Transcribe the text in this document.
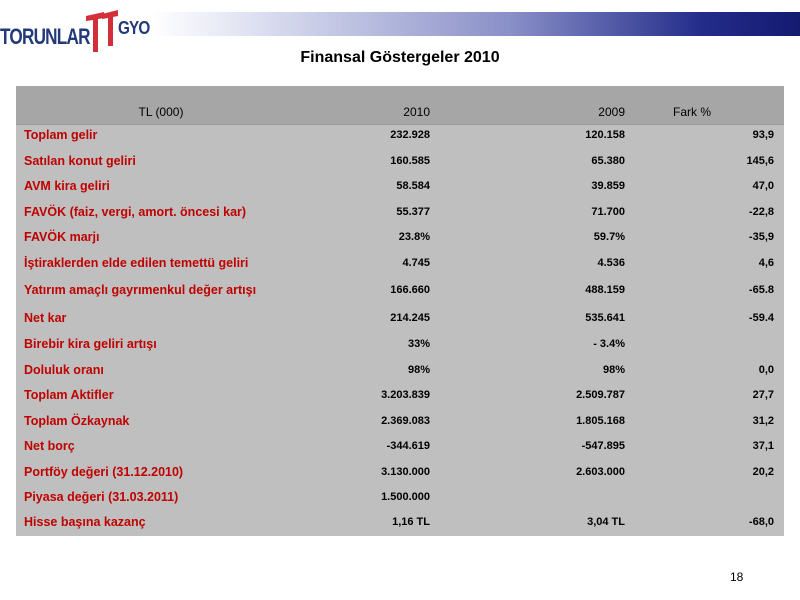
TORUNLAR GYO
Finansal Göstergeler 2010
TL (000)	2010	2009	Fark %
Toplam gelir	232.928	120.158	93,9
Satılan konut geliri	160.585	65.380	145,6
AVM kira geliri	58.584	39.859	47,0
FAVÖK (faiz, vergi, amort. öncesi kar)	55.377	71.700	-22,8
FAVÖK marjı	23.8%	59.7%	-35,9
İştiraklerden elde edilen temettü geliri	4.745	4.536	4,6
Yatırım amaçlı gayrımenkul değer artışı	166.660	488.159	-65.8
Net kar	214.245	535.641	-59.4
Birebir kira geliri artışı	33%	- 3.4%
Doluluk oranı	98%	98%	0,0
Toplam Aktifler	3.203.839	2.509.787	27,7
Toplam Özkaynak	2.369.083	1.805.168	31,2
Net borç	-344.619	-547.895	37,1
Portföy değeri (31.12.2010)	3.130.000	2.603.000	20,2
Piyasa değeri (31.03.2011)	1.500.000
Hisse başına kazanç	1,16 TL	3,04 TL	-68,0
18
